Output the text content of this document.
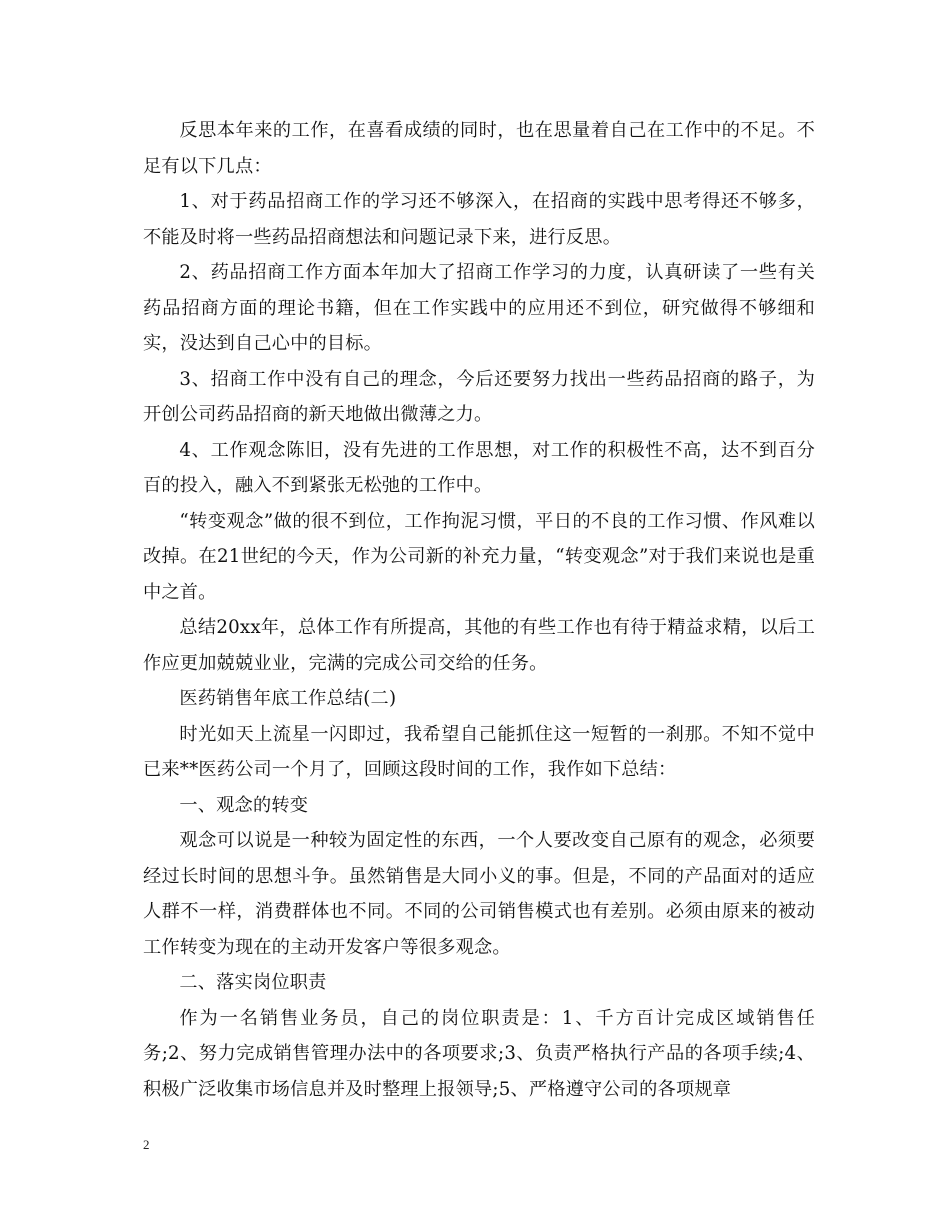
反思本年来的工作，在喜看成绩的同时，也在思量着自己在工作中的不足。不足有以下几点：

1、对于药品招商工作的学习还不够深入，在招商的实践中思考得还不够多，不能及时将一些药品招商想法和问题记录下来，进行反思。

2、药品招商工作方面本年加大了招商工作学习的力度，认真研读了一些有关药品招商方面的理论书籍，但在工作实践中的应用还不到位，研究做得不够细和实，没达到自己心中的目标。

3、招商工作中没有自己的理念，今后还要努力找出一些药品招商的路子，为开创公司药品招商的新天地做出微薄之力。

4、工作观念陈旧，没有先进的工作思想，对工作的积极性不高，达不到百分百的投入，融入不到紧张无松弛的工作中。

“转变观念”做的很不到位，工作拘泥习惯，平日的不良的工作习惯、作风难以改掉。在21世纪的今天，作为公司新的补充力量，“转变观念”对于我们来说也是重中之首。

总结20xx年，总体工作有所提高，其他的有些工作也有待于精益求精，以后工作应更加兢兢业业，完满的完成公司交给的任务。

医药销售年底工作总结(二)

时光如天上流星一闪即过，我希望自己能抓住这一短暂的一刹那。不知不觉中已来**医药公司一个月了，回顾这段时间的工作，我作如下总结：

一、观念的转变

观念可以说是一种较为固定性的东西，一个人要改变自己原有的观念，必须要经过长时间的思想斗争。虽然销售是大同小义的事。但是，不同的产品面对的适应人群不一样，消费群体也不同。不同的公司销售模式也有差别。必须由原来的被动工作转变为现在的主动开发客户等很多观念。

二、落实岗位职责

作为一名销售业务员，自己的岗位职责是：1、千方百计完成区域销售任务;2、努力完成销售管理办法中的各项要求;3、负责严格执行产品的各项手续;4、积极广泛收集市场信息并及时整理上报领导;5、严格遵守公司的各项规章

2
